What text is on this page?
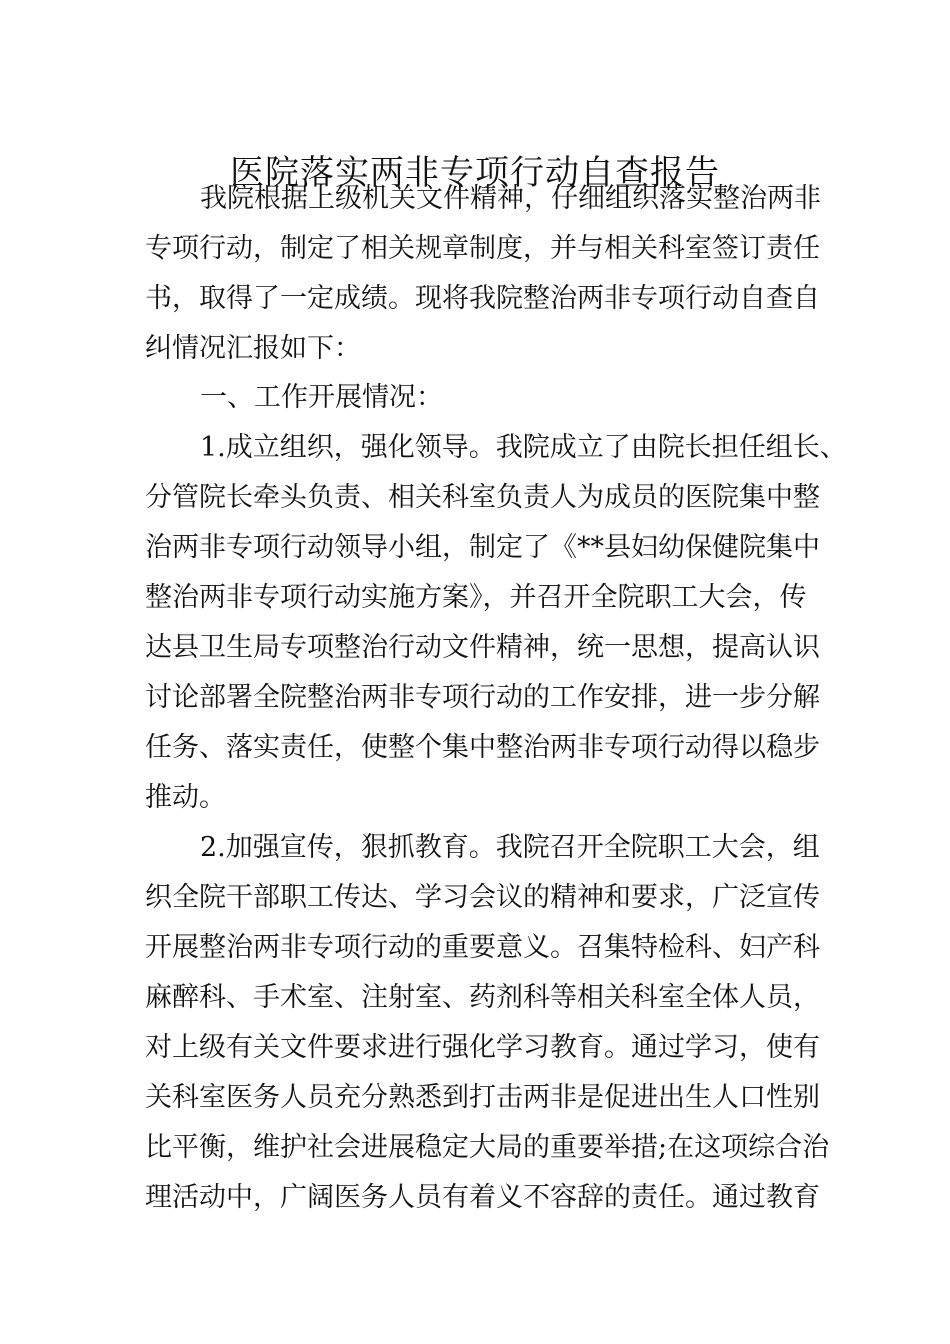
医院落实两非专项行动自查报告
我院根据上级机关文件精神，仔细组织落实整治两非
专项行动，制定了相关规章制度，并与相关科室签订责任
书，取得了一定成绩。现将我院整治两非专项行动自查自
纠情况汇报如下：
一、工作开展情况：
1.成立组织，强化领导。我院成立了由院长担任组长、
分管院长牵头负责、相关科室负责人为成员的医院集中整
治两非专项行动领导小组，制定了《**县妇幼保健院集中
整治两非专项行动实施方案》，并召开全院职工大会，传
达县卫生局专项整治行动文件精神，统一思想，提高认识
讨论部署全院整治两非专项行动的工作安排，进一步分解
任务、落实责任，使整个集中整治两非专项行动得以稳步
推动。
2.加强宣传，狠抓教育。我院召开全院职工大会，组
织全院干部职工传达、学习会议的精神和要求，广泛宣传
开展整治两非专项行动的重要意义。召集特检科、妇产科
麻醉科、手术室、注射室、药剂科等相关科室全体人员，
对上级有关文件要求进行强化学习教育。通过学习，使有
关科室医务人员充分熟悉到打击两非是促进出生人口性别
比平衡，维护社会进展稳定大局的重要举措;在这项综合治
理活动中，广阔医务人员有着义不容辞的责任。通过教育
